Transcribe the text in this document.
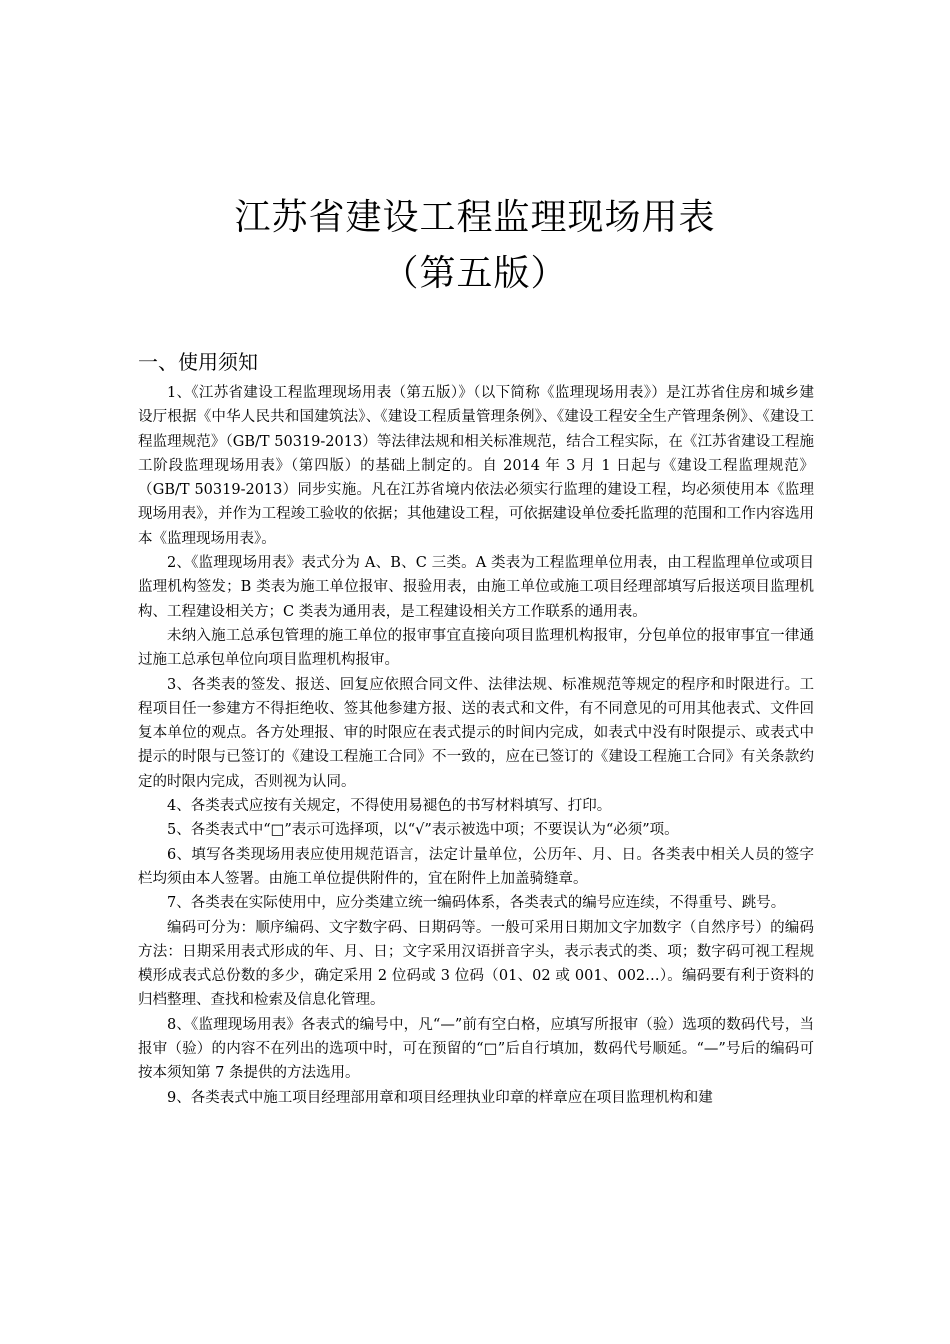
江苏省建设工程监理现场用表
（第五版）
一、使用须知

1、《江苏省建设工程监理现场用表（第五版）》（以下简称《监理现场用表》）是江苏省住房和城乡建设厅根据《中华人民共和国建筑法》、《建设工程质量管理条例》、《建设工程安全生产管理条例》、《建设工程监理规范》（GB/T 50319-2013）等法律法规和相关标准规范，结合工程实际，在《江苏省建设工程施工阶段监理现场用表》（第四版）的基础上制定的。自 2014 年 3 月 1 日起与《建设工程监理规范》（GB/T 50319-2013）同步实施。凡在江苏省境内依法必须实行监理的建设工程，均必须使用本《监理现场用表》，并作为工程竣工验收的依据；其他建设工程，可依据建设单位委托监理的范围和工作内容选用本《监理现场用表》。

2、《监理现场用表》表式分为 A、B、C 三类。A 类表为工程监理单位用表，由工程监理单位或项目监理机构签发；B 类表为施工单位报审、报验用表，由施工单位或施工项目经理部填写后报送项目监理机构、工程建设相关方；C 类表为通用表，是工程建设相关方工作联系的通用表。

未纳入施工总承包管理的施工单位的报审事宜直接向项目监理机构报审，分包单位的报审事宜一律通过施工总承包单位向项目监理机构报审。

3、各类表的签发、报送、回复应依照合同文件、法律法规、标准规范等规定的程序和时限进行。工程项目任一参建方不得拒绝收、签其他参建方报、送的表式和文件，有不同意见的可用其他表式、文件回复本单位的观点。各方处理报、审的时限应在表式提示的时间内完成，如表式中没有时限提示、或表式中提示的时限与已签订的《建设工程施工合同》不一致的，应在已签订的《建设工程施工合同》有关条款约定的时限内完成，否则视为认同。

4、各类表式应按有关规定，不得使用易褪色的书写材料填写、打印。

5、各类表式中“□”表示可选择项，以“√”表示被选中项；不要误认为“必须”项。

6、填写各类现场用表应使用规范语言，法定计量单位，公历年、月、日。各类表中相关人员的签字栏均须由本人签署。由施工单位提供附件的，宜在附件上加盖骑缝章。

7、各类表在实际使用中，应分类建立统一编码体系，各类表式的编号应连续，不得重号、跳号。

编码可分为：顺序编码、文字数字码、日期码等。一般可采用日期加文字加数字（自然序号）的编码方法：日期采用表式形成的年、月、日；文字采用汉语拼音字头，表示表式的类、项；数字码可视工程规模形成表式总份数的多少，确定采用 2 位码或 3 位码（01、02 或 001、002…）。编码要有利于资料的归档整理、查找和检索及信息化管理。

8、《监理现场用表》各表式的编号中，凡“—”前有空白格，应填写所报审（验）选项的数码代号，当报审（验）的内容不在列出的选项中时，可在预留的“□”后自行填加，数码代号顺延。“—”号后的编码可按本须知第 7 条提供的方法选用。

9、各类表式中施工项目经理部用章和项目经理执业印章的样章应在项目监理机构和建
